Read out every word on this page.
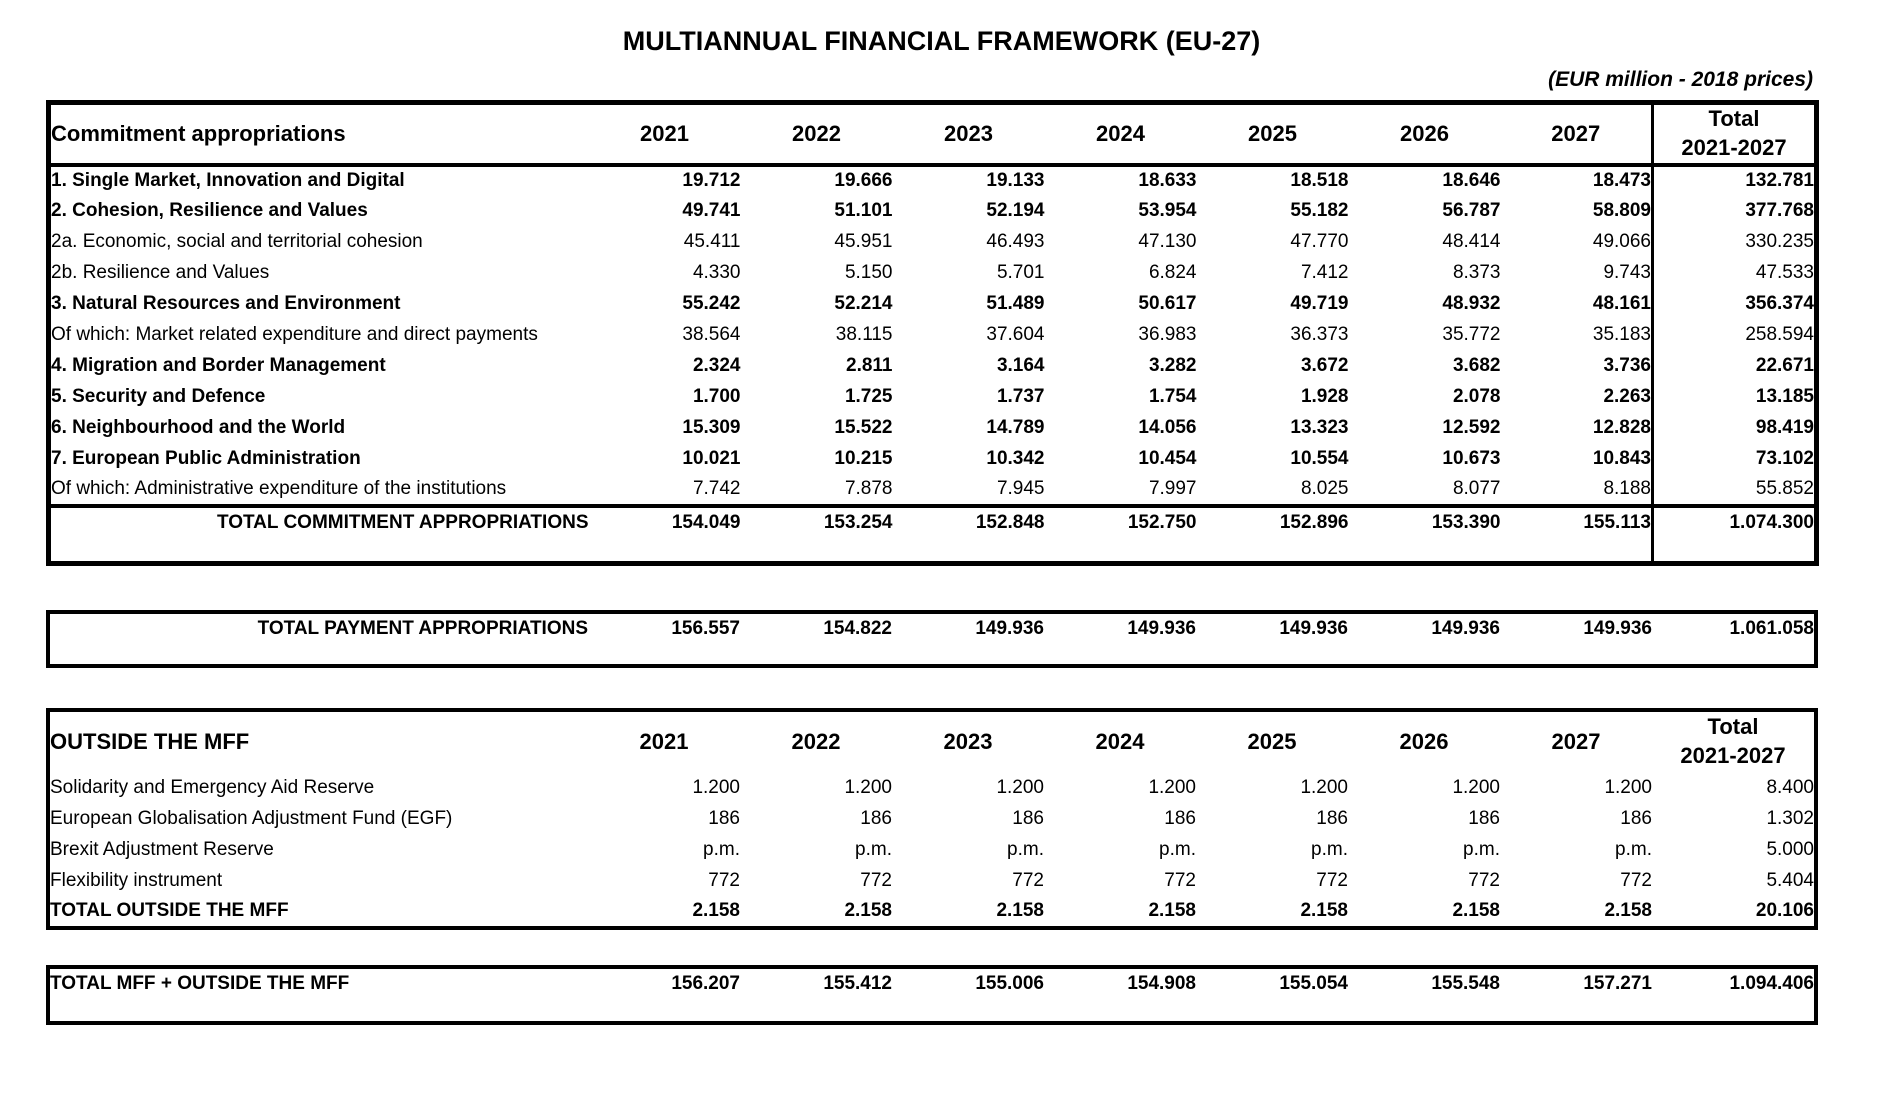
MULTIANNUAL FINANCIAL FRAMEWORK (EU-27)
(EUR million - 2018 prices)
Commitment appropriations	2021	2022	2023	2024	2025	2026	2027	Total
2021-2027

1. Single Market, Innovation and Digital	19.712	19.666	19.133	18.633	18.518	18.646	18.473	132.781
2. Cohesion, Resilience and Values	49.741	51.101	52.194	53.954	55.182	56.787	58.809	377.768
2a. Economic, social and territorial cohesion	45.411	45.951	46.493	47.130	47.770	48.414	49.066	330.235
2b. Resilience and Values	4.330	5.150	5.701	6.824	7.412	8.373	9.743	47.533
3. Natural Resources and Environment	55.242	52.214	51.489	50.617	49.719	48.932	48.161	356.374
Of which: Market related expenditure and direct payments	38.564	38.115	37.604	36.983	36.373	35.772	35.183	258.594
4. Migration and Border Management	2.324	2.811	3.164	3.282	3.672	3.682	3.736	22.671
5. Security and Defence	1.700	1.725	1.737	1.754	1.928	2.078	2.263	13.185
6. Neighbourhood and the World	15.309	15.522	14.789	14.056	13.323	12.592	12.828	98.419
7. European Public Administration	10.021	10.215	10.342	10.454	10.554	10.673	10.843	73.102
Of which: Administrative expenditure of the institutions	7.742	7.878	7.945	7.997	8.025	8.077	8.188	55.852
TOTAL COMMITMENT APPROPRIATIONS	154.049	153.254	152.848	152.750	152.896	153.390	155.113	1.074.300

TOTAL PAYMENT APPROPRIATIONS	156.557	154.822	149.936	149.936	149.936	149.936	149.936	1.061.058

OUTSIDE THE MFF	2021	2022	2023	2024	2025	2026	2027	Total
2021-2027

Solidarity and Emergency Aid Reserve	1.200	1.200	1.200	1.200	1.200	1.200	1.200	8.400
European Globalisation Adjustment Fund (EGF)	186	186	186	186	186	186	186	1.302
Brexit Adjustment Reserve	p.m.	p.m.	p.m.	p.m.	p.m.	p.m.	p.m.	5.000
Flexibility instrument	772	772	772	772	772	772	772	5.404
TOTAL OUTSIDE THE MFF	2.158	2.158	2.158	2.158	2.158	2.158	2.158	20.106
TOTAL MFF + OUTSIDE THE MFF	156.207	155.412	155.006	154.908	155.054	155.548	157.271	1.094.406
